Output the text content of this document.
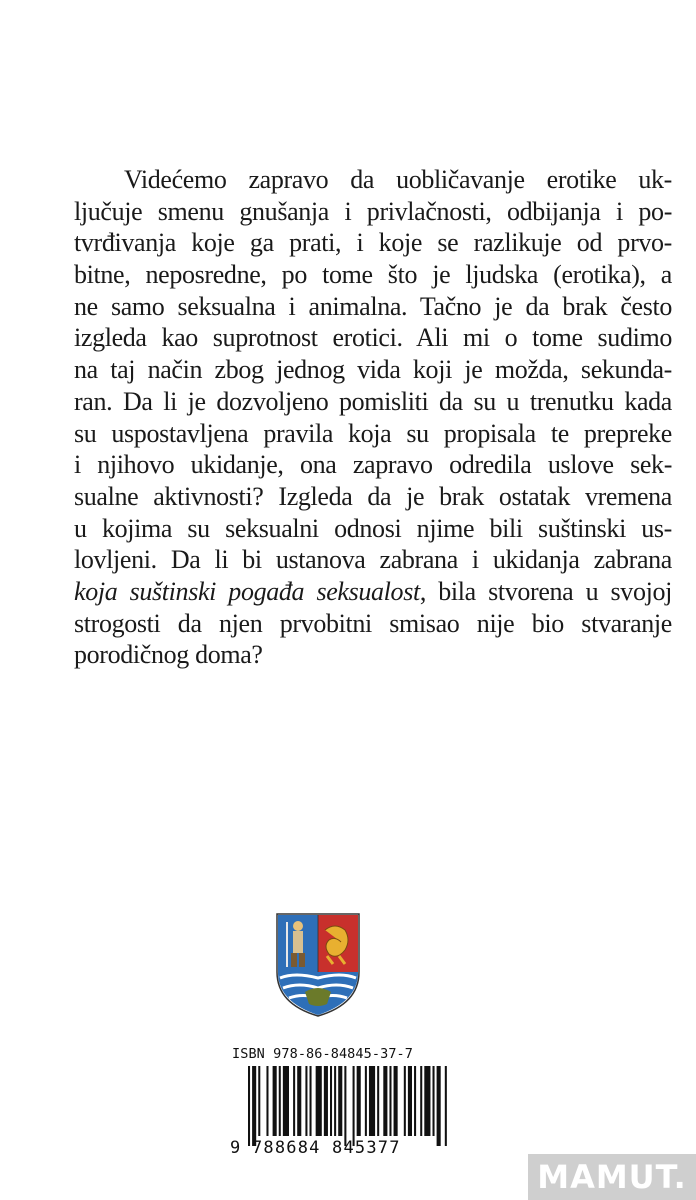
Videćemo zapravo da uobličavanje erotike uk-
ljučuje smenu gnušanja i privlačnosti, odbijanja i po-
tvrđivanja koje ga prati, i koje se razlikuje od prvo-
bitne, neposredne, po tome što je ljudska (erotika), a
ne samo seksualna i animalna. Tačno je da brak često
izgleda kao suprotnost erotici. Ali mi o tome sudimo
na taj način zbog jednog vida koji je možda, sekunda-
ran. Da li je dozvoljeno pomisliti da su u trenutku kada
su uspostavljena pravila koja su propisala te prepreke
i njihovo ukidanje, ona zapravo odredila uslove sek-
sualne aktivnosti? Izgleda da je brak ostatak vremena
u kojima su seksualni odnosi njime bili suštinski us-
lovljeni. Da li bi ustanova zabrana i ukidanja zabrana
koja suštinski pogađa seksualost, bila stvorena u svojoj
strogosti da njen prvobitni smisao nije bio stvaranje
porodičnog doma?
ISBN 978-86-84845-37-7
9 788684 845377
MAMUT.
